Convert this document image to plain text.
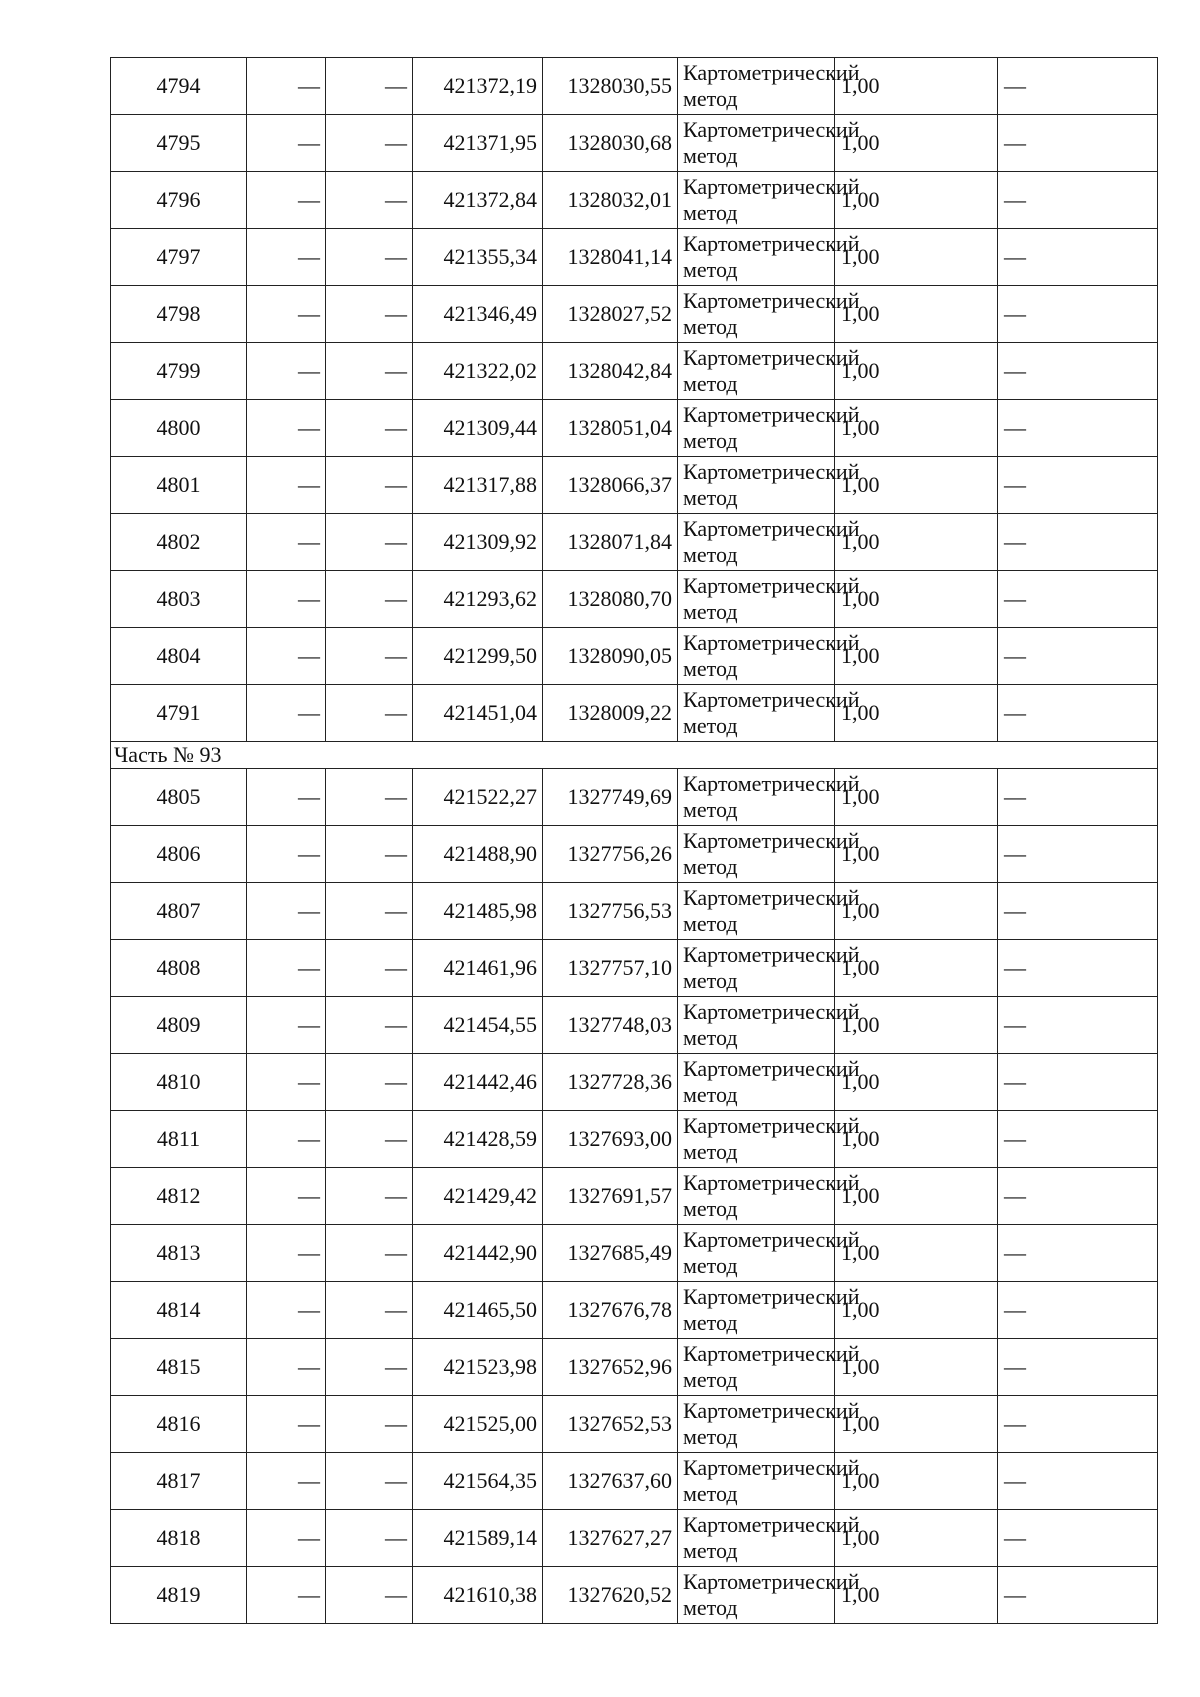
4794	—	—	421372,19	1328030,55	Картометрический метод	1,00	—
4795	—	—	421371,95	1328030,68	Картометрический метод	1,00	—
4796	—	—	421372,84	1328032,01	Картометрический метод	1,00	—
4797	—	—	421355,34	1328041,14	Картометрический метод	1,00	—
4798	—	—	421346,49	1328027,52	Картометрический метод	1,00	—
4799	—	—	421322,02	1328042,84	Картометрический метод	1,00	—
4800	—	—	421309,44	1328051,04	Картометрический метод	1,00	—
4801	—	—	421317,88	1328066,37	Картометрический метод	1,00	—
4802	—	—	421309,92	1328071,84	Картометрический метод	1,00	—
4803	—	—	421293,62	1328080,70	Картометрический метод	1,00	—
4804	—	—	421299,50	1328090,05	Картометрический метод	1,00	—
4791	—	—	421451,04	1328009,22	Картометрический метод	1,00	—
Часть № 93							
4805	—	—	421522,27	1327749,69	Картометрический метод	1,00	—
4806	—	—	421488,90	1327756,26	Картометрический метод	1,00	—
4807	—	—	421485,98	1327756,53	Картометрический метод	1,00	—
4808	—	—	421461,96	1327757,10	Картометрический метод	1,00	—
4809	—	—	421454,55	1327748,03	Картометрический метод	1,00	—
4810	—	—	421442,46	1327728,36	Картометрический метод	1,00	—
4811	—	—	421428,59	1327693,00	Картометрический метод	1,00	—
4812	—	—	421429,42	1327691,57	Картометрический метод	1,00	—
4813	—	—	421442,90	1327685,49	Картометрический метод	1,00	—
4814	—	—	421465,50	1327676,78	Картометрический метод	1,00	—
4815	—	—	421523,98	1327652,96	Картометрический метод	1,00	—
4816	—	—	421525,00	1327652,53	Картометрический метод	1,00	—
4817	—	—	421564,35	1327637,60	Картометрический метод	1,00	—
4818	—	—	421589,14	1327627,27	Картометрический метод	1,00	—
4819	—	—	421610,38	1327620,52	Картометрический метод	1,00	—
